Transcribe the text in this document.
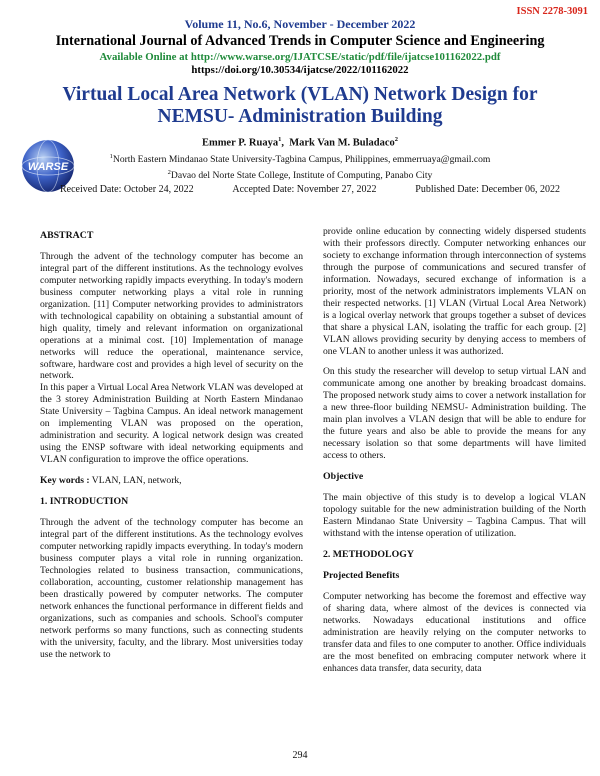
ISSN 2278-3091
Volume 11, No.6, November - December 2022
International Journal of Advanced Trends in Computer Science and Engineering
Available Online at http://www.warse.org/IJATCSE/static/pdf/file/ijatcse101162022.pdf
https://doi.org/10.30534/ijatcse/2022/101162022
WARSE
Virtual Local Area Network (VLAN) Network Design for
NEMSU- Administration Building
Emmer P. Ruaya$^1$,  Mark Van M. Buladaco$^2$
$^1$North Eastern Mindanao State University-Tagbina Campus, Philippines, emmerruaya@gmail.com
$^2$Davao del Norte State College, Institute of Computing, Panabo City
Received Date: October 24, 2022	Accepted Date: November 27, 2022	Published Date: December 06, 2022
ABSTRACT

Through the advent of the technology computer has become an integral part of the different institutions. As the technology evolves computer networking rapidly impacts everything. In today's modern business computer networking plays a vital role in running organization. [11] Computer networking provides to administrators with technological capability on obtaining a substantial amount of high quality, timely and relevant information on organizational operations at a minimal cost. [10] Implementation of manage networks will reduce the operational, maintenance service, software, hardware cost and provides a high level of security on the network.

In this paper a Virtual Local Area Network VLAN was developed at the 3 storey Administration Building at North Eastern Mindanao State University – Tagbina Campus. An ideal network management on implementing VLAN was proposed on the operation, administration and security. A logical network design was created using the ENSP software with ideal networking equipments and VLAN configuration to improve the office operations.

Key words : VLAN, LAN, network,

1. INTRODUCTION

Through the advent of the technology computer has become an integral part of the different institutions. As the technology evolves computer networking rapidly impacts everything. In today's modern business computer plays a vital role in running organization. Technologies related to business transaction, communications, collaboration, accounting, customer relationship management has been drastically powered by computer networks. The computer network enhances the functional performance in different fields and organizations, such as companies and schools. School's computer network performs so many functions, such as connecting students with the university, faculty, and the library. Most universities today use the network to

provide online education by connecting widely dispersed students with their professors directly. Computer networking enhances our society to exchange information through interconnection of systems through the purpose of communications and secured transfer of information. Nowadays, secured exchange of information is a priority, most of the network administrators implements VLAN on their respected networks. [1] VLAN (Virtual Local Area Network) is a logical overlay network that groups together a subset of devices that share a physical LAN, isolating the traffic for each group. [2] VLAN allows providing security by denying access to members of one VLAN to another unless it was authorized.

On this study the researcher will develop to setup virtual LAN and communicate among one another by breaking broadcast domains. The proposed network study aims to cover a network installation for a new three-floor building NEMSU- Administration building. The main plan involves a VLAN design that will be able to endure for the future years and also be able to provide the means for any necessary isolation so that some departments will have limited access to others.

Objective

The main objective of this study is to develop a logical VLAN topology suitable for the new administration building of the North Eastern Mindanao State University – Tagbina Campus. That will withstand with the intense operation of utilization.

2. METHODOLOGY
Projected Benefits

Computer networking has become the foremost and effective way of sharing data, where almost of the devices is connected via networks. Nowadays educational institutions and office administration are heavily relying on the computer networks to transfer data and files to one computer to another. Office individuals are the most benefited on embracing computer network where it enhances data transfer, data security, data

294
